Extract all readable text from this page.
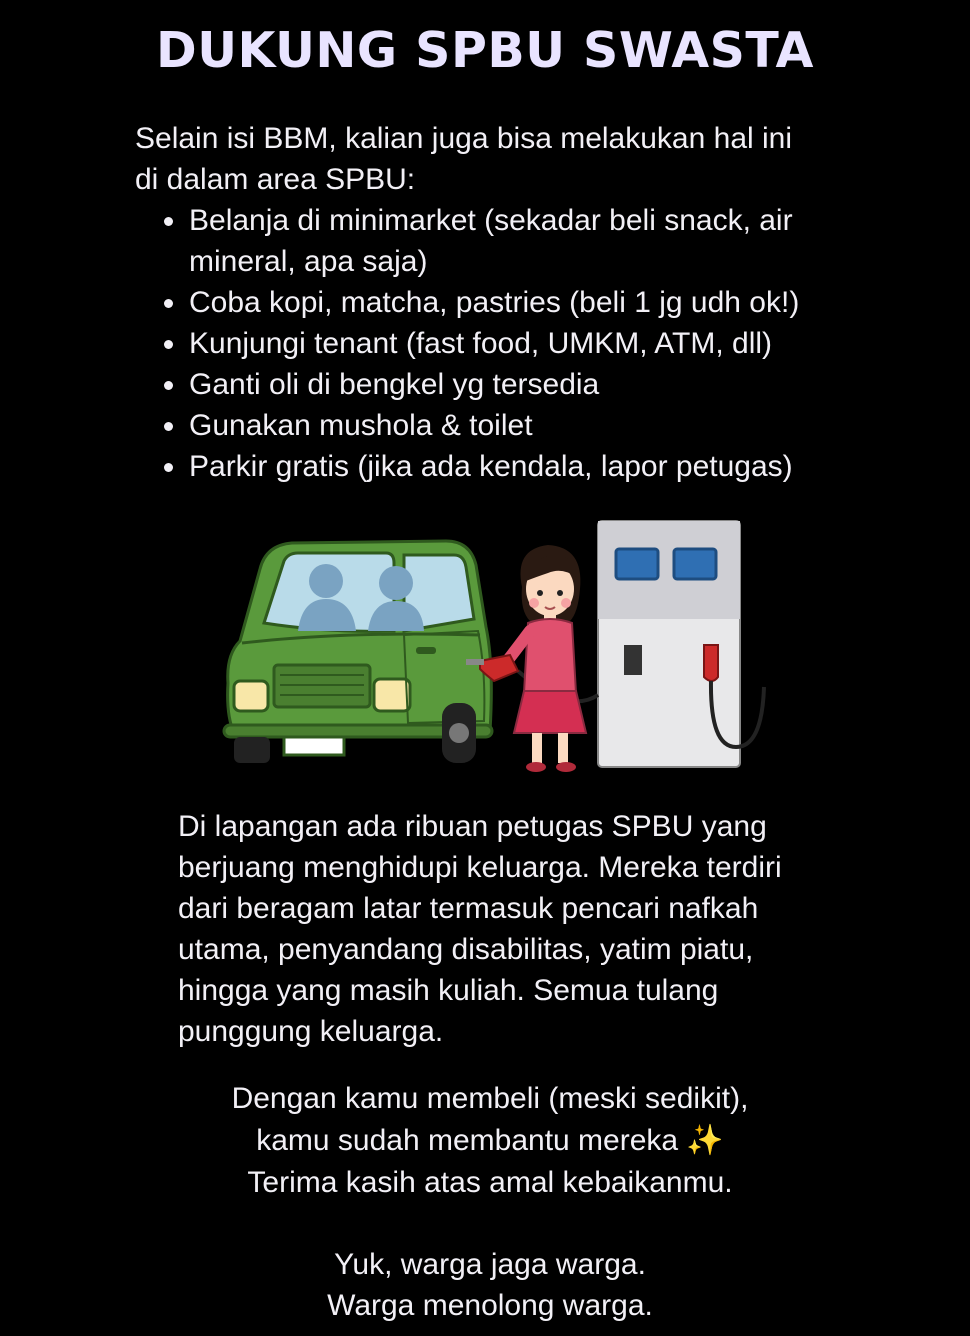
DUKUNG SPBU SWASTA
Selain isi BBM, kalian juga bisa melakukan hal ini
di dalam area SPBU:
Belanja di minimarket (sekadar beli snack, air
mineral, apa saja)
Coba kopi, matcha, pastries (beli 1 jg udh ok!)
Kunjungi tenant (fast food, UMKM, ATM, dll)
Ganti oli di bengkel yg tersedia
Gunakan mushola & toilet
Parkir gratis (jika ada kendala, lapor petugas)
Di lapangan ada ribuan petugas SPBU yang
berjuang menghidupi keluarga. Mereka terdiri
dari beragam latar termasuk pencari nafkah
utama, penyandang disabilitas, yatim piatu,
hingga yang masih kuliah. Semua tulang
punggung keluarga.
Dengan kamu membeli (meski sedikit),
kamu sudah membantu mereka ✨
Terima kasih atas amal kebaikanmu.
Yuk, warga jaga warga.
Warga menolong warga.
